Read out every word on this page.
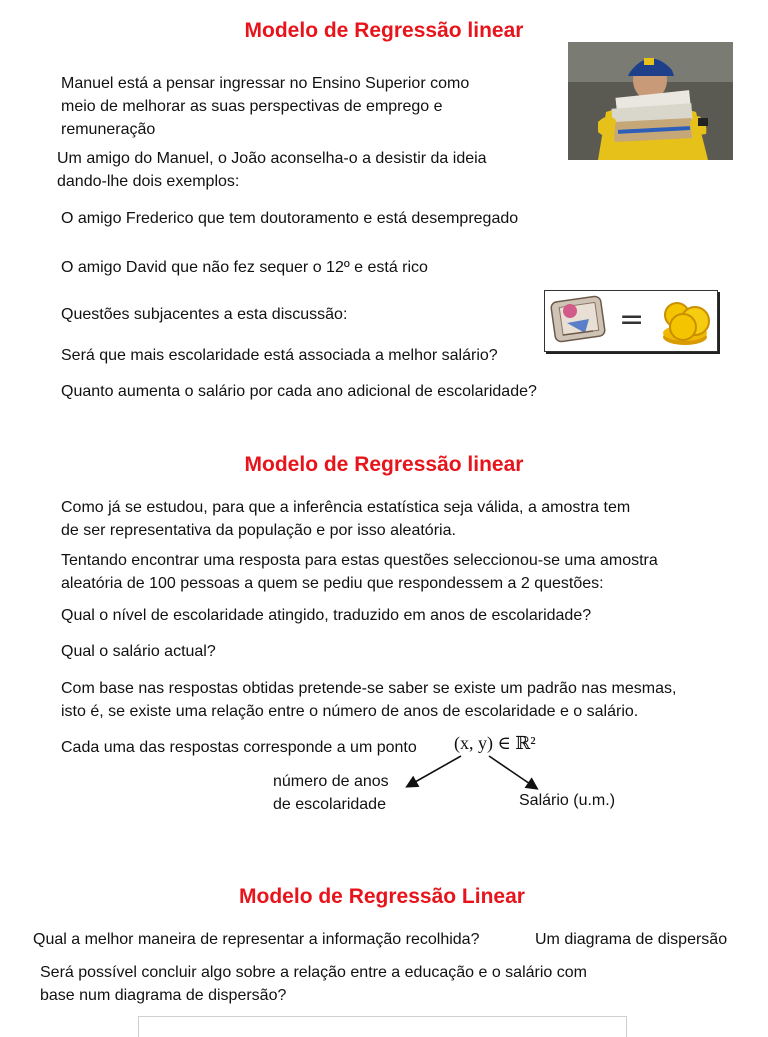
Modelo de Regressão linear
Manuel está a pensar ingressar no Ensino Superior como
meio de melhorar as suas perspectivas de emprego e
remuneração
Um amigo do Manuel, o João aconselha-o a desistir da ideia
dando-lhe dois exemplos:
O amigo Frederico que tem doutoramento e está desempregado
O amigo David que não fez sequer o 12º e está rico
Questões subjacentes a esta discussão:
Será que mais escolaridade está associada a melhor salário?
Quanto aumenta o salário por cada ano adicional de escolaridade?
=
Modelo de Regressão linear
Como já se estudou, para que a inferência estatística seja válida, a amostra tem
de ser representativa da população e por isso aleatória.
Tentando encontrar uma resposta para estas questões seleccionou-se uma amostra
aleatória de 100 pessoas a quem se pediu que respondessem a 2 questões:
Qual o nível de escolaridade atingido, traduzido em anos de escolaridade?
Qual o salário actual?
Com base nas respostas obtidas pretende-se saber se existe um padrão nas mesmas,
isto é, se existe uma relação entre o número de anos de escolaridade e o salário.
Cada uma das respostas corresponde a um ponto (x, y) ∈ ℝ²
número de anos
de escolaridade	Salário (u.m.)
Modelo de Regressão Linear
Qual a melhor maneira de representar a informação recolhida?	Um diagrama de dispersão
Será possível concluir algo sobre a relação entre a educação e o salário com
base num diagrama de dispersão?
